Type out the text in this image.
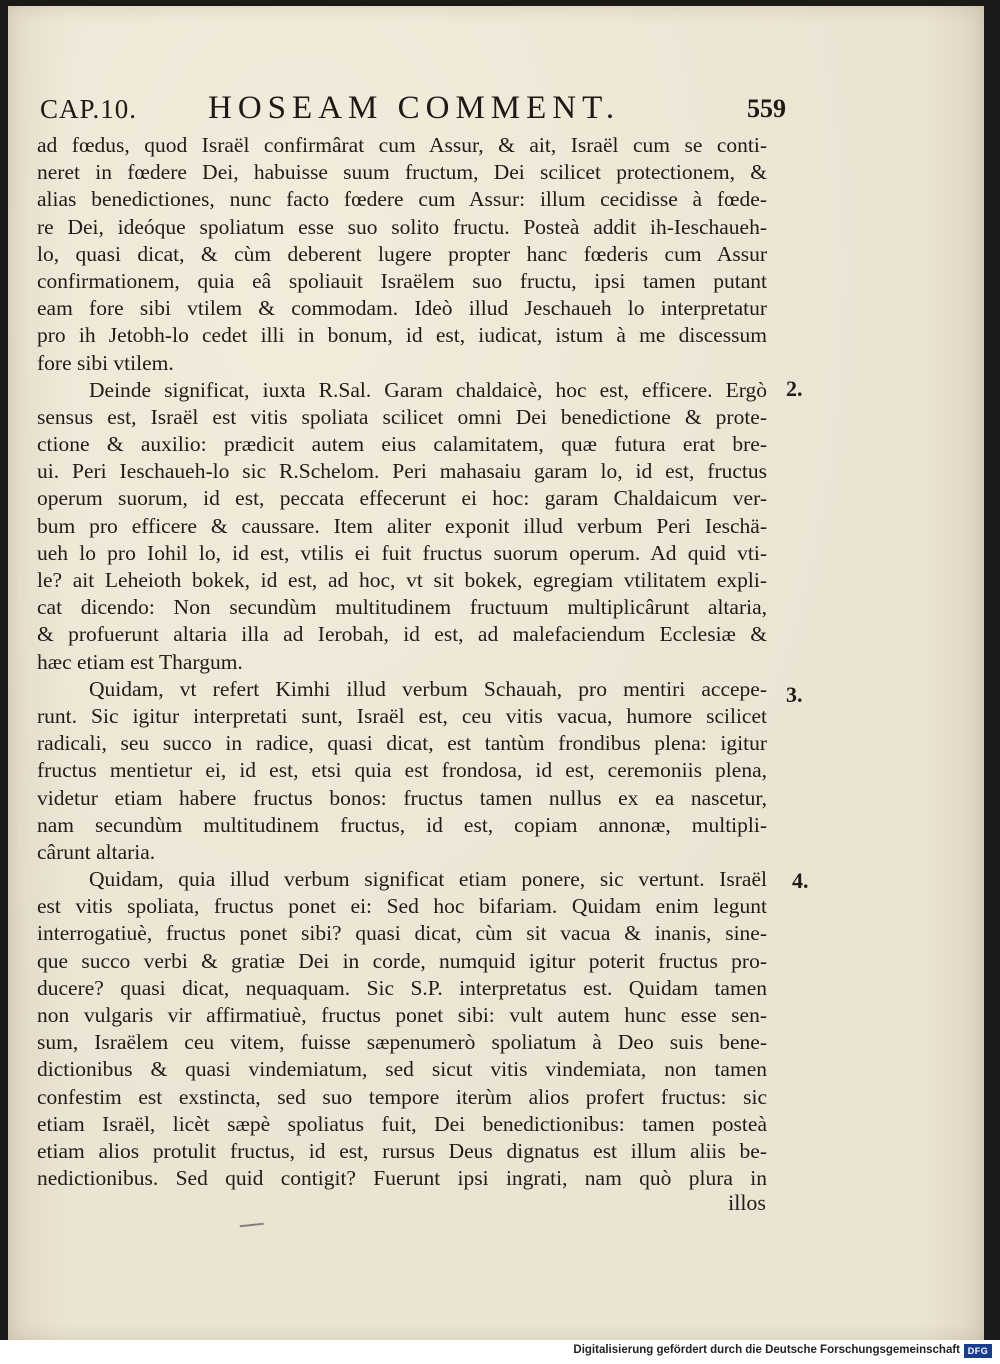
CAP.10. HOSEAM COMMENT.	559
ad fœdus, quod Israël confirmârat cum Assur, & ait, Israël cum se conti-
neret in fœdere Dei, habuisse suum fructum, Dei scilicet protectionem, &
alias benedictiones, nunc facto fœdere cum Assur: illum cecidisse à fœde-
re Dei, ideóque spoliatum esse suo solito fructu. Posteà addit ih-Ieschaueh-
lo, quasi dicat, & cùm deberent lugere propter hanc fœderis cum Assur
confirmationem, quia eâ spoliauit Israëlem suo fructu, ipsi tamen putant
eam fore sibi vtilem & commodam. Ideò illud Jeschaueh lo interpretatur
pro ih Jetobh-lo cedet illi in bonum, id est, iudicat, istum à me discessum
fore sibi vtilem.
Deinde significat, iuxta R.Sal. Garam chaldaicè, hoc est, efficere. Ergò
sensus est, Israël est vitis spoliata scilicet omni Dei benedictione & prote-
ctione & auxilio: prædicit autem eius calamitatem, quæ futura erat bre-
ui. Peri Ieschaueh-lo sic R.Schelom. Peri mahasaiu garam lo, id est, fructus
operum suorum, id est, peccata effecerunt ei hoc: garam Chaldaicum ver-
bum pro efficere & caussare. Item aliter exponit illud verbum Peri Ieschä-
ueh lo pro Iohil lo, id est, vtilis ei fuit fructus suorum operum. Ad quid vti-
le? ait Leheioth bokek, id est, ad hoc, vt sit bokek, egregiam vtilitatem expli-
cat dicendo: Non secundùm multitudinem fructuum multiplicârunt altaria,
& profuerunt altaria illa ad Ierobah, id est, ad malefaciendum Ecclesiæ &
hæc etiam est Thargum.
Quidam, vt refert Kimhi illud verbum Schauah, pro mentiri accepe-
runt. Sic igitur interpretati sunt, Israël est, ceu vitis vacua, humore scilicet
radicali, seu succo in radice, quasi dicat, est tantùm frondibus plena: igitur
fructus mentietur ei, id est, etsi quia est frondosa, id est, ceremoniis plena,
videtur etiam habere fructus bonos: fructus tamen nullus ex ea nascetur,
nam secundùm multitudinem fructus, id est, copiam annonæ, multipli-
cârunt altaria.
Quidam, quia illud verbum significat etiam ponere, sic vertunt. Israël
est vitis spoliata, fructus ponet ei: Sed hoc bifariam. Quidam enim legunt
interrogatiuè, fructus ponet sibi? quasi dicat, cùm sit vacua & inanis, sine-
que succo verbi & gratiæ Dei in corde, numquid igitur poterit fructus pro-
ducere? quasi dicat, nequaquam. Sic S.P. interpretatus est. Quidam tamen
non vulgaris vir affirmatiuè, fructus ponet sibi: vult autem hunc esse sen-
sum, Israëlem ceu vitem, fuisse sæpenumerò spoliatum à Deo suis bene-
dictionibus & quasi vindemiatum, sed sicut vitis vindemiata, non tamen
confestim est exstincta, sed suo tempore iterùm alios profert fructus: sic
etiam Israël, licèt sæpè spoliatus fuit, Dei benedictionibus: tamen posteà
etiam alios protulit fructus, id est, rursus Deus dignatus est illum aliis be-
nedictionibus. Sed quid contigit? Fuerunt ipsi ingrati, nam quò plura in
2.
3.
4.
illos
Digitalisierung gefördert durch die Deutsche Forschungsgemeinschaft DFG
